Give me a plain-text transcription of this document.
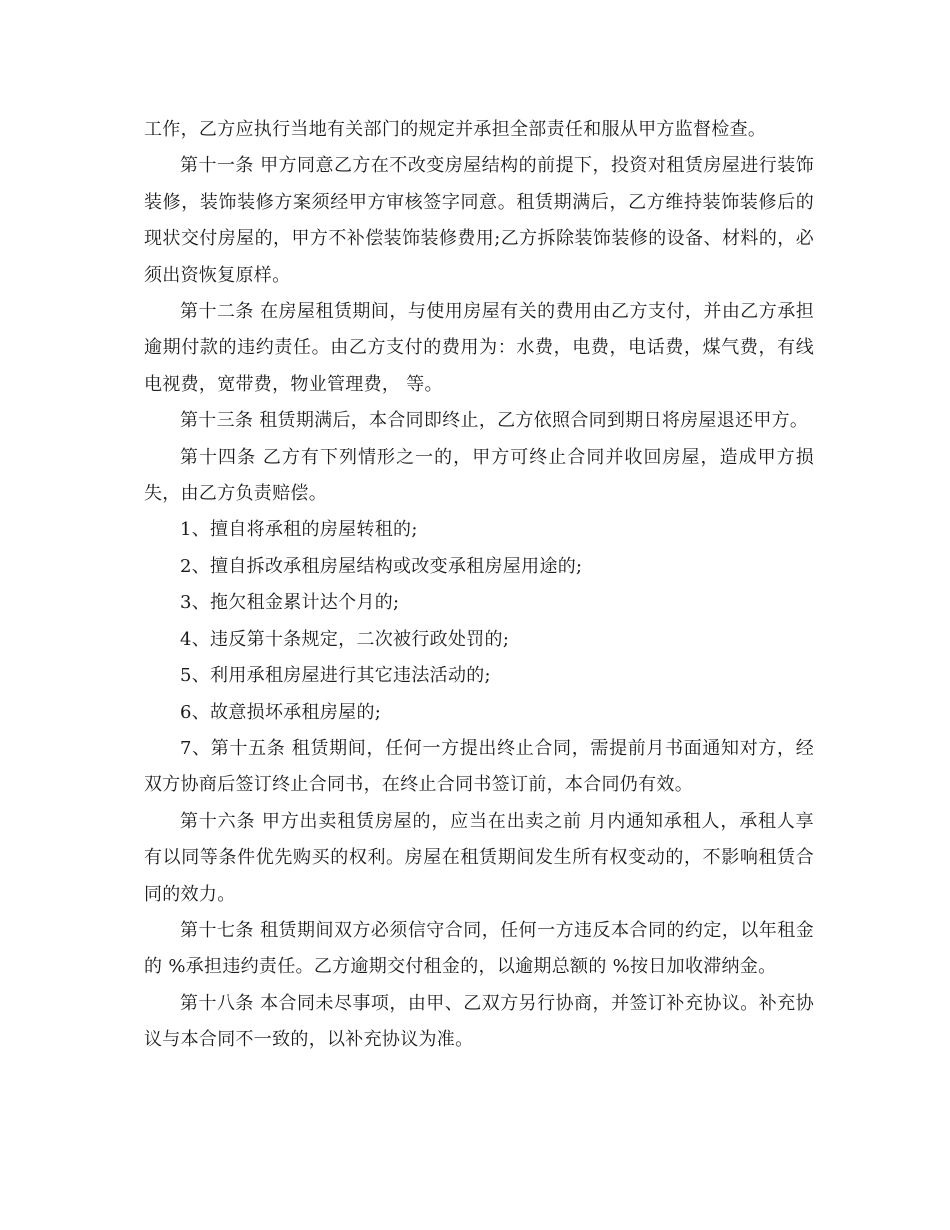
工作，乙方应执行当地有关部门的规定并承担全部责任和服从甲方监督检查。

第十一条 甲方同意乙方在不改变房屋结构的前提下，投资对租赁房屋进行装饰装修，装饰装修方案须经甲方审核签字同意。租赁期满后，乙方维持装饰装修后的现状交付房屋的，甲方不补偿装饰装修费用;乙方拆除装饰装修的设备、材料的，必须出资恢复原样。

第十二条 在房屋租赁期间，与使用房屋有关的费用由乙方支付，并由乙方承担逾期付款的违约责任。由乙方支付的费用为：水费，电费，电话费，煤气费，有线电视费，宽带费，物业管理费， 等。

第十三条 租赁期满后，本合同即终止，乙方依照合同到期日将房屋退还甲方。

第十四条 乙方有下列情形之一的，甲方可终止合同并收回房屋，造成甲方损失，由乙方负责赔偿。

1、擅自将承租的房屋转租的;

2、擅自拆改承租房屋结构或改变承租房屋用途的;

3、拖欠租金累计达个月的;

4、违反第十条规定，二次被行政处罚的;

5、利用承租房屋进行其它违法活动的;

6、故意损坏承租房屋的;

7、第十五条 租赁期间，任何一方提出终止合同，需提前月书面通知对方，经双方协商后签订终止合同书，在终止合同书签订前，本合同仍有效。

第十六条 甲方出卖租赁房屋的，应当在出卖之前 月内通知承租人，承租人享有以同等条件优先购买的权利。房屋在租赁期间发生所有权变动的，不影响租赁合同的效力。

第十七条 租赁期间双方必须信守合同，任何一方违反本合同的约定，以年租金的 %承担违约责任。乙方逾期交付租金的，以逾期总额的 %按日加收滞纳金。

第十八条 本合同未尽事项，由甲、乙双方另行协商，并签订补充协议。补充协议与本合同不一致的，以补充协议为准。
